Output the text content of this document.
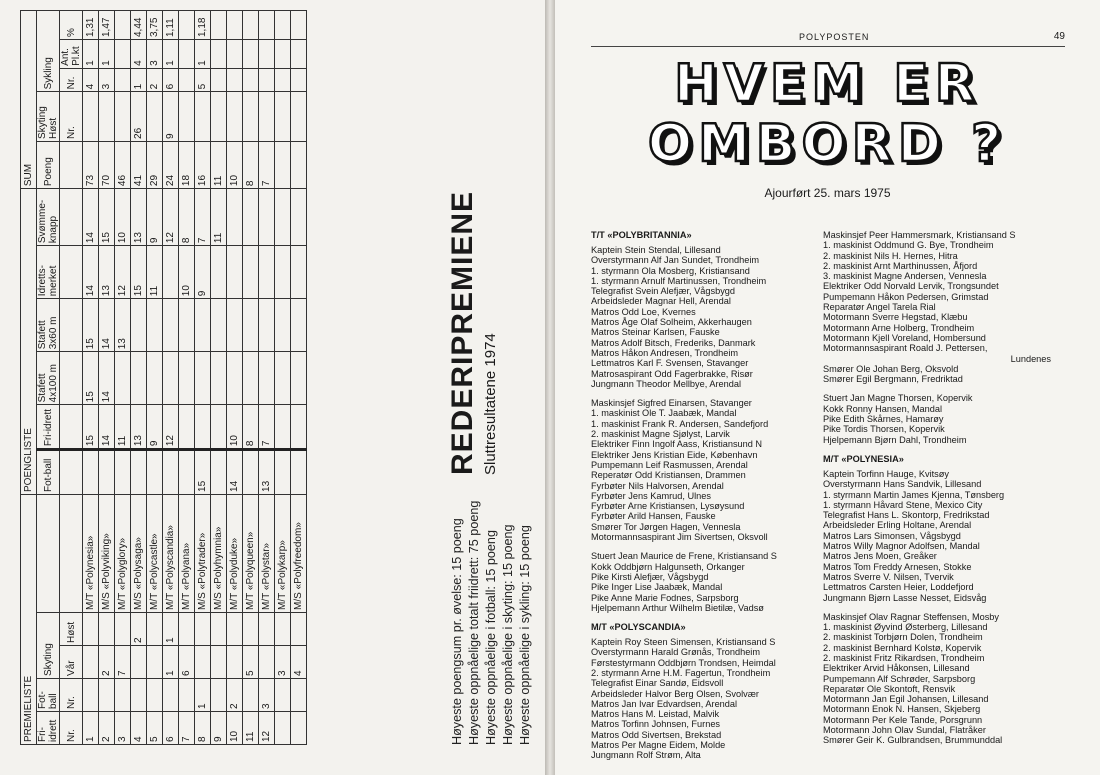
Høyeste poengsum pr. øvelse: 15 poeng Høyeste oppnåelige totalt friidrett: 75 poeng Høyeste oppnåelige i fotball: 15 poeng Høyeste oppnåelige i skyting: 15 poeng Høyeste oppnåelige i sykling: 15 poeng
REDERIPREMIENE Sluttresultatene 1974
PREMIELISTE					POENGLISTE						SUM				
Fri-idrett	Fot-ball	Skyting			Fot-ball	Fri-idrett	Stafett 4x100 m	Stafett 3x60 m	Idretts-merket	Svømme-knapp	Poeng	Skyting Høst	Sykling		
Nr.	Nr.	Vår	Høst									Nr.	Nr.	Ant. Pl.kt	%
1				M/T «Polynesia»		15	15	15	14	14	73		4	1	1,31
2		2		M/S «Polyviking»		14	14	14	13	15	70		3	1	1,47
3		7		M/T «Polyglory»		11		13	12	10	46				
4			2	M/S «Polysaga»		13			15	13	41	26	1	4	4,44
5				M/T «Polycastle»		9			11	9	29		2	3	3,75
6		1	1	M/T «Polyscandia»		12				12	24	9	6	1	1,11
7		6		M/T «Polyana»					10	8	18				
8	1			M/S «Polytrader»	15				9	7	16		5	1	1,18
9				M/S «Polyhymnia»						11	11				
10	2			M/T «Polyduke»	14	10					10				
11		5		M/T «Polyqueen»		8					8				
12	3			M/T «Polystar»	13	7					7				
		3		M/T «Polykarp»											
		4		M/S «Polyfreedom»											
POLYPOSTEN	49
HVEM ER
OMBORD ?
Ajourført 25. mars 1975
T/T «POLYBRITANNIA»
Kaptein Stein Stendal, Lillesand
Overstyrmann Alf Jan Sundet, Trondheim
1. styrmann Ola Mosberg, Kristiansand
1. styrmann Arnulf Martinussen, Trondheim
Telegrafist Svein Alefjær, Vågsbygd
Arbeidsleder Magnar Hell, Arendal
Matros Odd Loe, Kvernes
Matros Åge Olaf Solheim, Akkerhaugen
Matros Steinar Karlsen, Fauske
Matros Adolf Bitsch, Frederiks, Danmark
Matros Håkon Andresen, Trondheim
Lettmatros Karl F. Svensen, Stavanger
Matrosaspirant Odd Fagerbrakke, Risør
Jungmann Theodor Mellbye, Arendal
Maskinsjef Sigfred Einarsen, Stavanger
1. maskinist Ole T. Jaabæk, Mandal
1. maskinist Frank R. Andersen, Sandefjord
2. maskinist Magne Sjølyst, Larvik
Elektriker Finn Ingolf Aass, Kristiansund N
Elektriker Jens Kristian Eide, København
Pumpemann Leif Rasmussen, Arendal
Reperatør Odd Kristiansen, Drammen
Fyrbøter Nils Halvorsen, Arendal
Fyrbøter Jens Kamrud, Ulnes
Fyrbøter Arne Kristiansen, Lysøysund
Fyrbøter Arild Hansen, Fauske
Smører Tor Jørgen Hagen, Vennesla
Motormannsaspirant Jim Sivertsen, Oksvoll
Stuert Jean Maurice de Frene, Kristiansand S
Kokk Oddbjørn Halgunseth, Orkanger
Pike Kirsti Alefjær, Vågsbygd
Pike Inger Lise Jaabæk, Mandal
Pike Anne Marie Fodnes, Sarpsborg
Hjelpemann Arthur Wilhelm Bietilæ, Vadsø
M/T «POLYSCANDIA»
Kaptein Roy Steen Simensen, Kristiansand S
Overstyrmann Harald Grønås, Trondheim
Førstestyrmann Oddbjørn Trondsen, Heimdal
2. styrmann Arne H.M. Fagertun, Trondheim
Telegrafist Einar Sandø, Eidsvoll
Arbeidsleder Halvor Berg Olsen, Svolvær
Matros Jan Ivar Edvardsen, Arendal
Matros Hans M. Leistad, Malvik
Matros Torfinn Johnsen, Furnes
Matros Odd Sivertsen, Brekstad
Matros Per Magne Eidem, Molde
Jungmann Rolf Strøm, Alta
Maskinsjef Peer Hammersmark, Kristiansand S
1. maskinist Oddmund G. Bye, Trondheim
2. maskinist Nils H. Hernes, Hitra
2. maskinist Arnt Marthinussen, Åfjord
3. maskinist Magne Andersen, Vennesla
Elektriker Odd Norvald Lervik, Trongsundet
Pumpemann Håkon Pedersen, Grimstad
Reparatør Angel Tarela Rial
Motormann Sverre Hegstad, Klæbu
Motormann Arne Holberg, Trondheim
Motormann Kjell Voreland, Hombersund
Motormannsaspirant Roald J. Pettersen,
Lundenes
Smører Ole Johan Berg, Oksvold
Smører Egil Bergmann, Fredriktad
Stuert Jan Magne Thorsen, Kopervik
Kokk Ronny Hansen, Mandal
Pike Edith Skårnes, Hamarøy
Pike Tordis Thorsen, Kopervik
Hjelpemann Bjørn Dahl, Trondheim
M/T «POLYNESIA»
Kaptein Torfinn Hauge, Kvitsøy
Overstyrmann Hans Sandvik, Lillesand
1. styrmann Martin James Kjenna, Tønsberg
1. styrmann Håvard Stene, Mexico City
Telegrafist Hans L. Skontorp, Fredrikstad
Arbeidsleder Erling Holtane, Arendal
Matros Lars Simonsen, Vågsbygd
Matros Willy Magnor Adolfsen, Mandal
Matros Jens Moen, Greåker
Matros Tom Freddy Arnesen, Stokke
Matros Sverre V. Nilsen, Tvervik
Lettmatros Carsten Heier, Loddefjord
Jungmann Bjørn Lasse Nesset, Eidsvåg
Maskinsjef Olav Ragnar Steffensen, Mosby
1. maskinist Øyvind Østerberg, Lillesand
2. maskinist Torbjørn Dolen, Trondheim
2. maskinist Bernhard Kolstø, Kopervik
2. maskinist Fritz Rikardsen, Trondheim
Elektriker Arvid Håkonsen, Lillesand
Pumpemann Alf Schrøder, Sarpsborg
Reparatør Ole Skontoft, Rensvik
Motormann Jan Egil Johansen, Lillesand
Motormann Enok N. Hansen, Skjeberg
Motormann Per Kele Tande, Porsgrunn
Motormann John Olav Sundal, Flatråker
Smører Geir K. Gulbrandsen, Brummunddal
